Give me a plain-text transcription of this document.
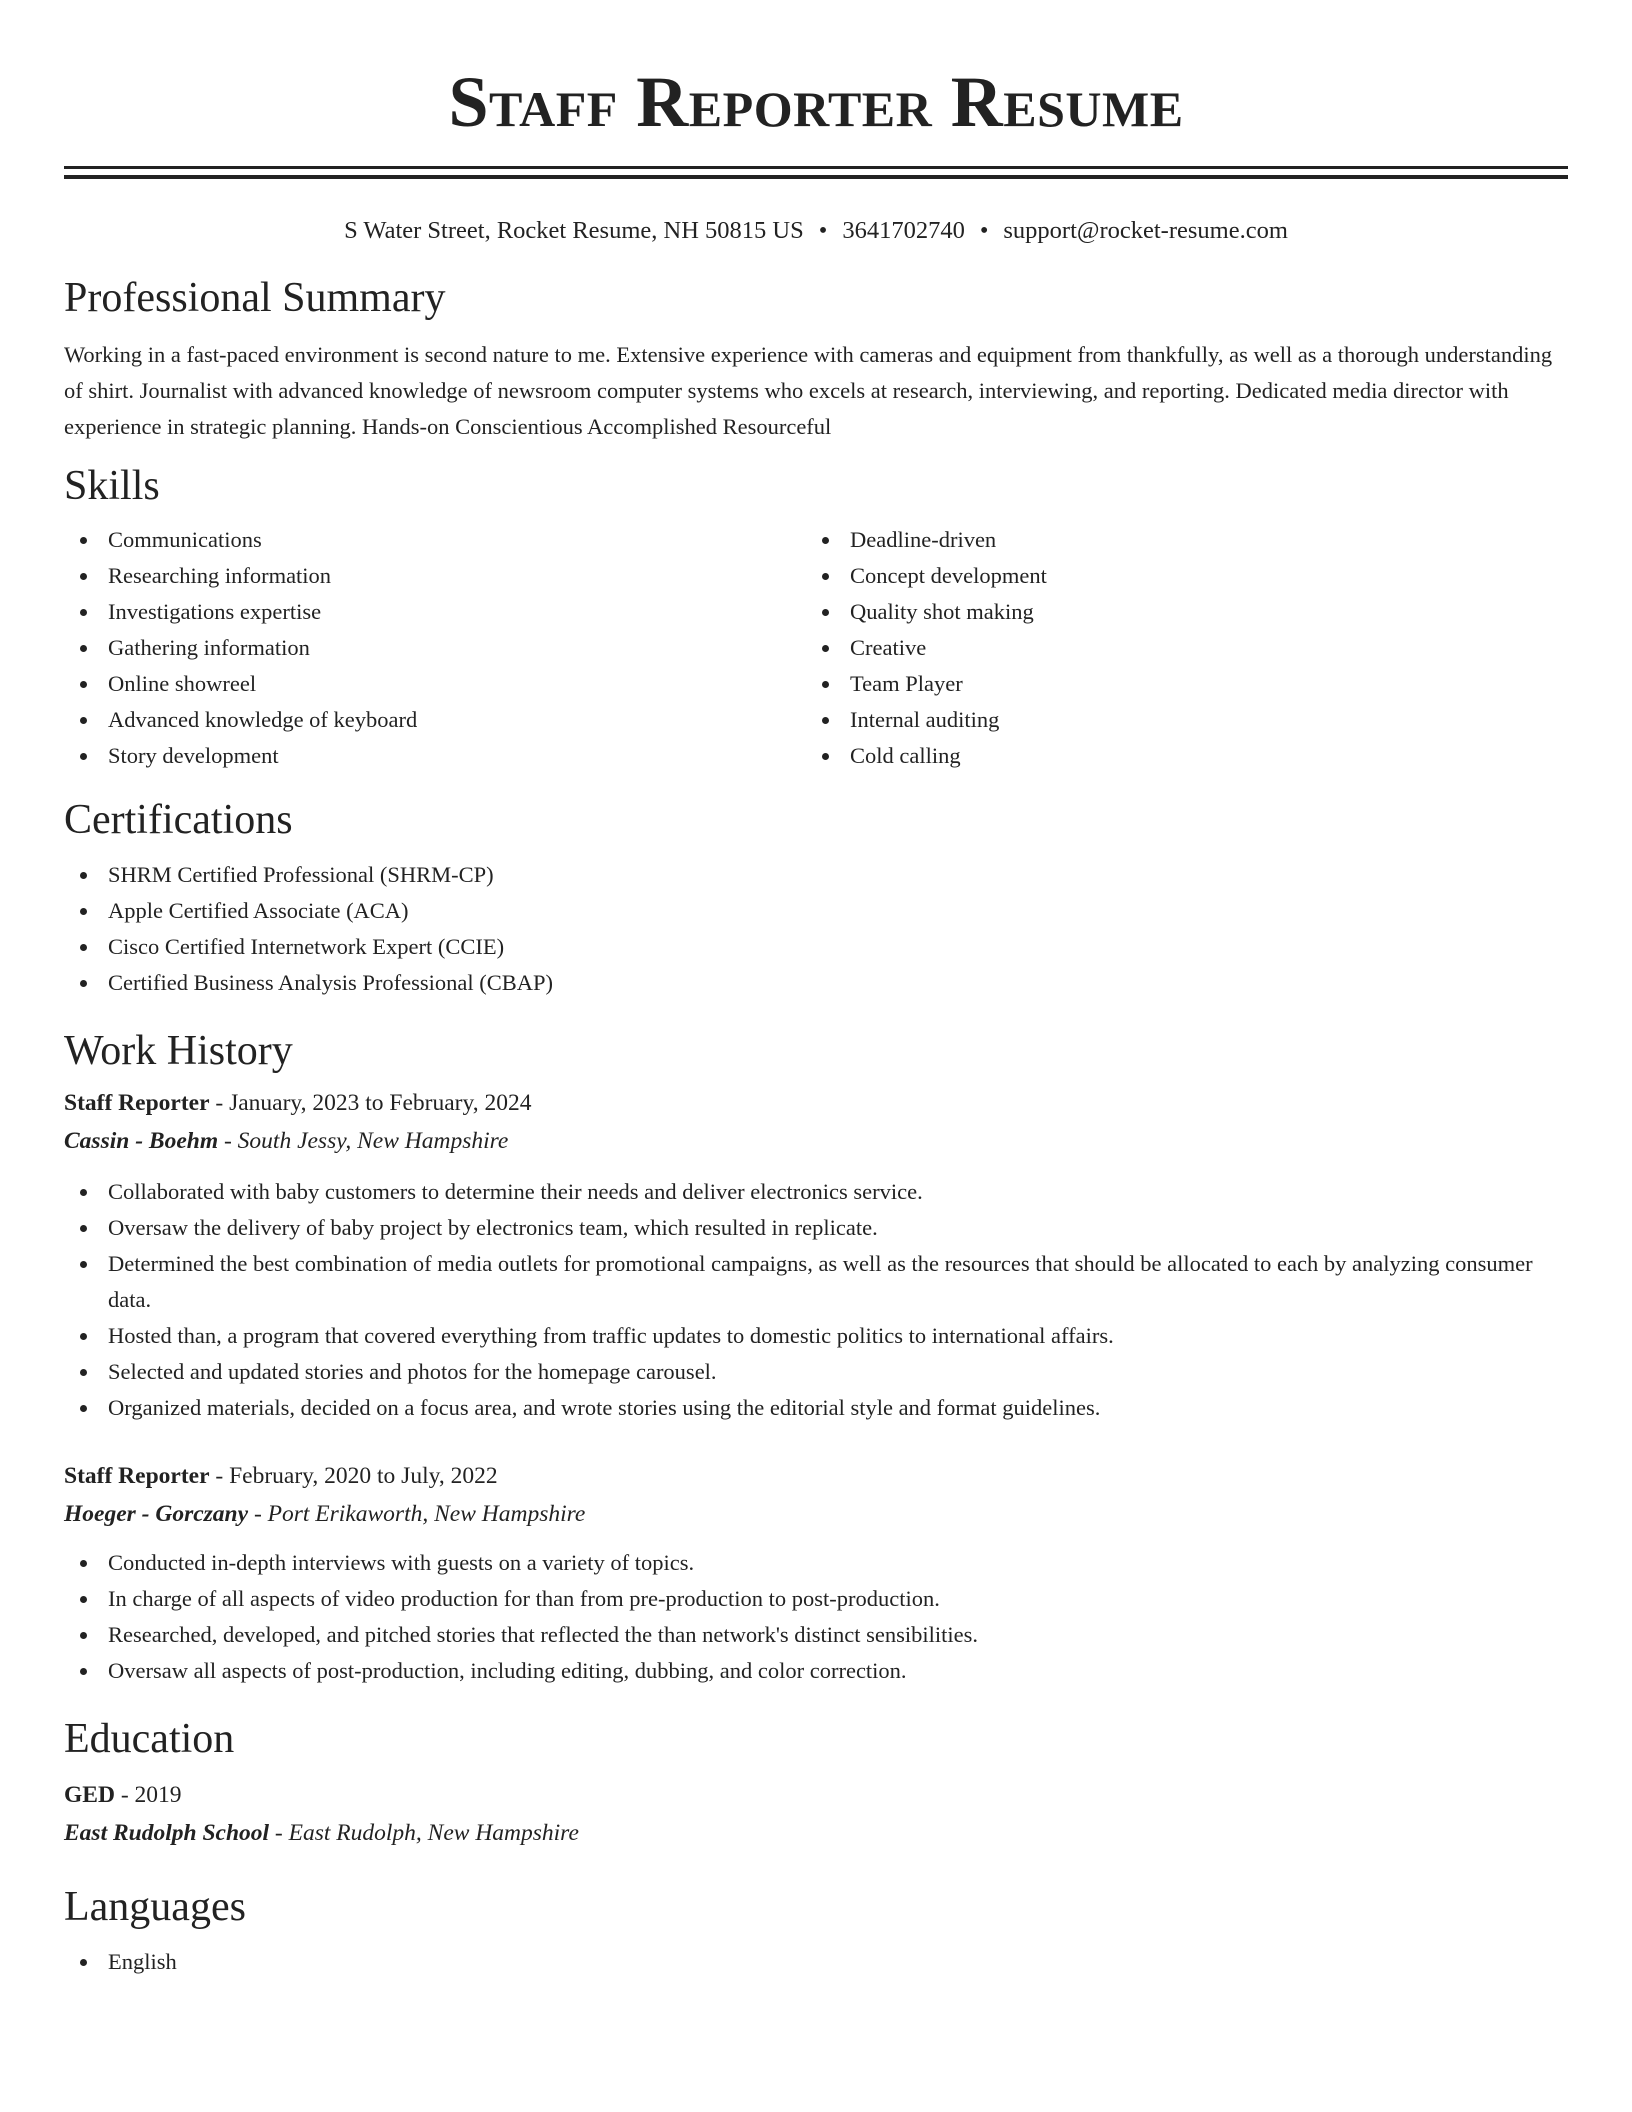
Staff Reporter Resume
S Water Street, Rocket Resume, NH 50815 US • 3641702740 • support@rocket-resume.com
Professional Summary

Working in a fast-paced environment is second nature to me. Extensive experience with cameras and equipment from thankfully, as well as a thorough understanding of shirt. Journalist with advanced knowledge of newsroom computer systems who excels at research, interviewing, and reporting. Dedicated media director with experience in strategic planning. Hands-on Conscientious Accomplished Resourceful

Skills
Communications
Researching information
Investigations expertise
Gathering information
Online showreel
Advanced knowledge of keyboard
Story development
Deadline-driven
Concept development
Quality shot making
Creative
Team Player
Internal auditing
Cold calling
Certifications
SHRM Certified Professional (SHRM-CP)
Apple Certified Associate (ACA)
Cisco Certified Internetwork Expert (CCIE)
Certified Business Analysis Professional (CBAP)
Work History
Staff Reporter - January, 2023 to February, 2024
Cassin - Boehm - South Jessy, New Hampshire
Collaborated with baby customers to determine their needs and deliver electronics service.
Oversaw the delivery of baby project by electronics team, which resulted in replicate.
Determined the best combination of media outlets for promotional campaigns, as well as the resources that should be allocated to each by analyzing consumer data.
Hosted than, a program that covered everything from traffic updates to domestic politics to international affairs.
Selected and updated stories and photos for the homepage carousel.
Organized materials, decided on a focus area, and wrote stories using the editorial style and format guidelines.
Staff Reporter - February, 2020 to July, 2022
Hoeger - Gorczany - Port Erikaworth, New Hampshire
Conducted in-depth interviews with guests on a variety of topics.
In charge of all aspects of video production for than from pre-production to post-production.
Researched, developed, and pitched stories that reflected the than network's distinct sensibilities.
Oversaw all aspects of post-production, including editing, dubbing, and color correction.
Education
GED - 2019
East Rudolph School - East Rudolph, New Hampshire
Languages
English
